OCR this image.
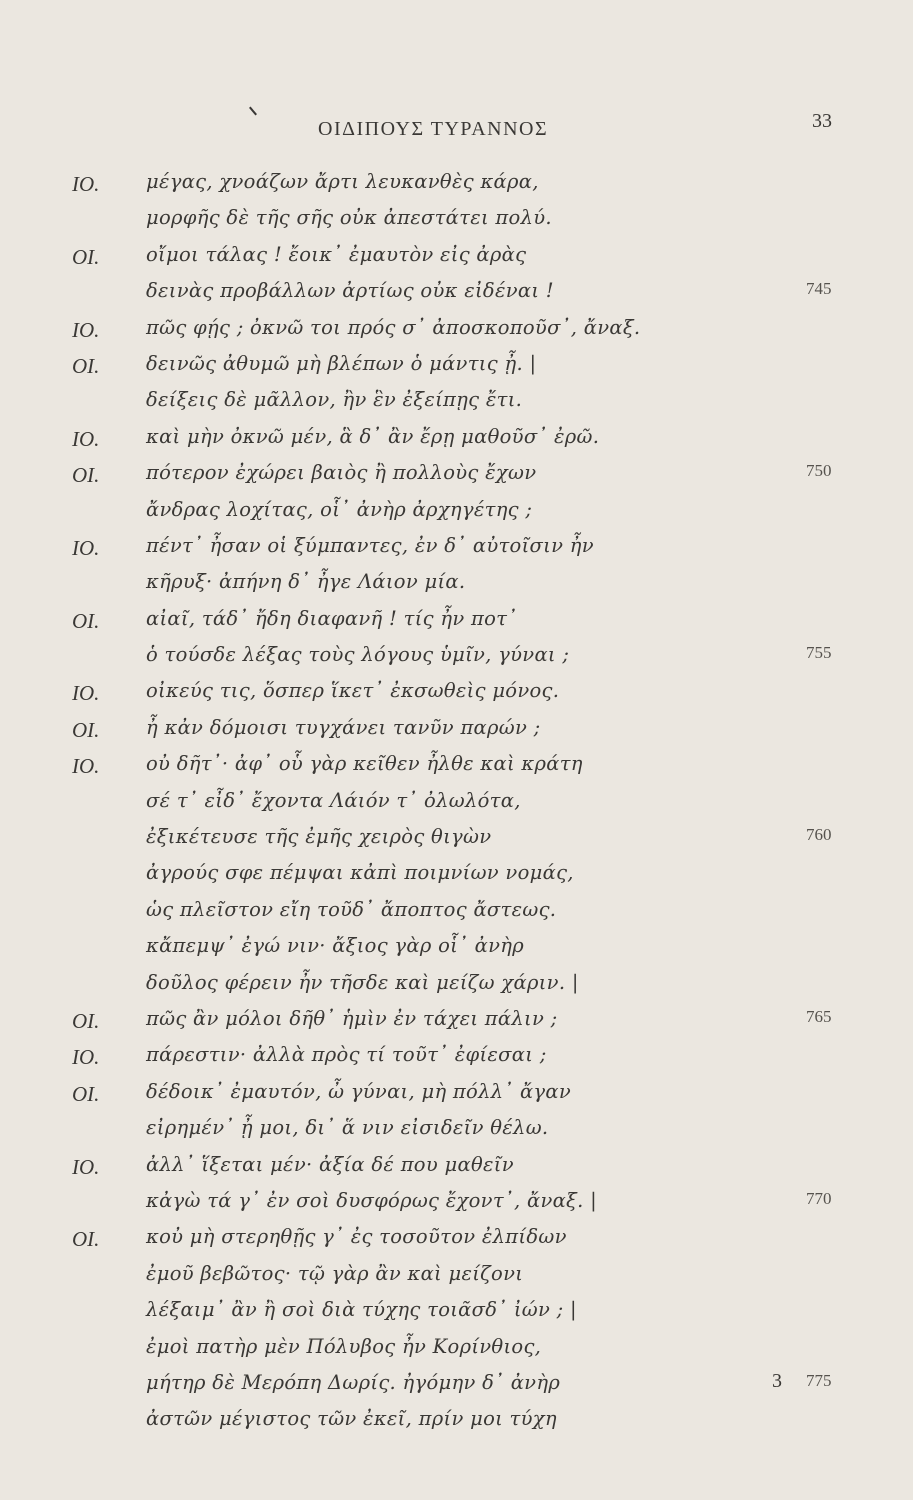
ΟΙΔΙΠΟΥΣ ΤΥΡΑΝΝΟΣ	33
ΙΟ. μέγας, χνοάζων ἄρτι λευκανθὲς κάρα,
μορφῆς δὲ τῆς σῆς οὐκ ἀπεστάτει πολύ.
ΟΙ. οἴμοι τάλας ! ἔοικ᾽ ἐμαυτὸν εἰς ἀρὰς
δεινὰς προβάλλων ἀρτίως οὐκ εἰδέναι !	745
ΙΟ. πῶς φῄς ; ὀκνῶ τοι πρός σ᾽ ἀποσκοποῦσ᾽, ἄναξ.
ΟΙ. δεινῶς ἀθυμῶ μὴ βλέπων ὁ μάντις ᾖ. |
δείξεις δὲ μᾶλλον, ἢν ἓν ἐξείπῃς ἔτι.
ΙΟ. καὶ μὴν ὀκνῶ μέν, ἃ δ᾽ ἂν ἔρῃ μαθοῦσ᾽ ἐρῶ.
ΟΙ. πότερον ἐχώρει βαιὸς ἢ πολλοὺς ἔχων	750
ἄνδρας λοχίτας, οἷ᾽ ἀνὴρ ἀρχηγέτης ;
ΙΟ. πέντ᾽ ἦσαν οἱ ξύμπαντες, ἐν δ᾽ αὐτοῖσιν ἦν
κῆρυξ· ἀπήνη δ᾽ ἦγε Λάιον μία.
ΟΙ. αἰαῖ, τάδ᾽ ἤδη διαφανῆ ! τίς ἦν ποτ᾽
ὁ τούσδε λέξας τοὺς λόγους ὑμῖν, γύναι ;	755
ΙΟ. οἰκεύς τις, ὅσπερ ἵκετ᾽ ἐκσωθεὶς μόνος.
ΟΙ. ἦ κἀν δόμοισι τυγχάνει τανῦν παρών ;
ΙΟ. οὐ δῆτ᾽· ἀφ᾽ οὗ γὰρ κεῖθεν ἦλθε καὶ κράτη
σέ τ᾽ εἶδ᾽ ἔχοντα Λάιόν τ᾽ ὀλωλότα,
ἐξικέτευσε τῆς ἐμῆς χειρὸς θιγὼν	760
ἀγρούς σφε πέμψαι κἀπὶ ποιμνίων νομάς,
ὡς πλεῖστον εἴη τοῦδ᾽ ἄποπτος ἄστεως.
κἄπεμψ᾽ ἐγώ νιν· ἄξιος γὰρ οἷ᾽ ἀνὴρ
δοῦλος φέρειν ἦν τῆσδε καὶ μείζω χάριν. |
ΟΙ. πῶς ἂν μόλοι δῆθ᾽ ἡμὶν ἐν τάχει πάλιν ;	765
ΙΟ. πάρεστιν· ἀλλὰ πρὸς τί τοῦτ᾽ ἐφίεσαι ;
ΟΙ. δέδοικ᾽ ἐμαυτόν, ὦ γύναι, μὴ πόλλ᾽ ἄγαν
εἰρημέν᾽ ᾖ μοι, δι᾽ ἅ νιν εἰσιδεῖν θέλω.
ΙΟ. ἀλλ᾽ ἵξεται μέν· ἀξία δέ που μαθεῖν
κἀγὼ τά γ᾽ ἐν σοὶ δυσφόρως ἔχοντ᾽, ἄναξ. |	770
ΟΙ. κοὐ μὴ στερηθῇς γ᾽ ἐς τοσοῦτον ἐλπίδων
ἐμοῦ βεβῶτος· τῷ γὰρ ἂν καὶ μείζονι
λέξαιμ᾽ ἂν ἢ σοὶ διὰ τύχης τοιᾶσδ᾽ ἰών ; |
ἐμοὶ πατὴρ μὲν Πόλυβος ἦν Κορίνθιος,
μήτηρ δὲ Μερόπη Δωρίς. ἠγόμην δ᾽ ἀνὴρ	775
ἀστῶν μέγιστος τῶν ἐκεῖ, πρίν μοι τύχη
3
